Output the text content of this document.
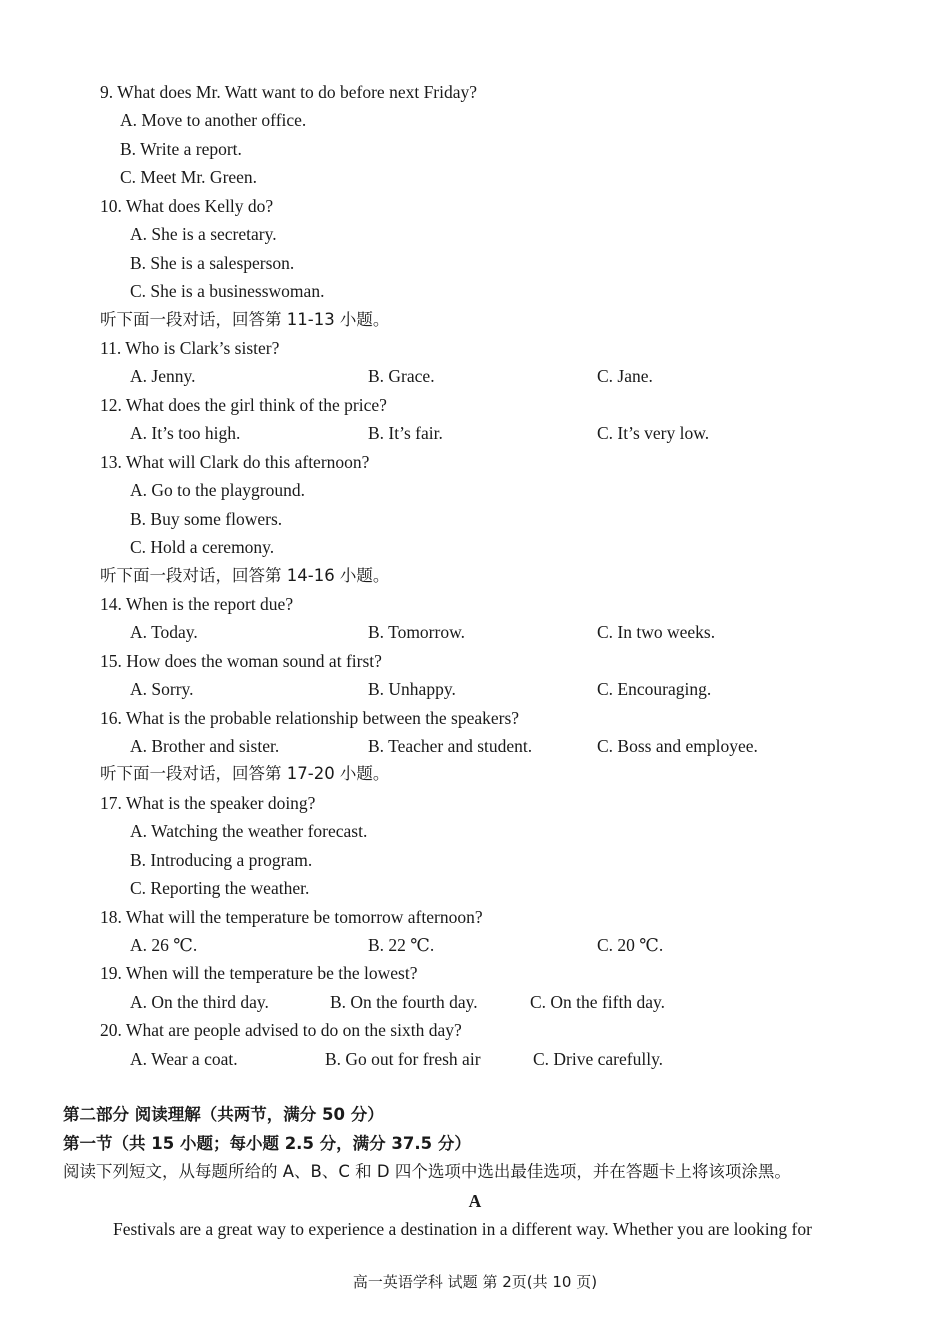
9. What does Mr. Watt want to do before next Friday?
A. Move to another office.
B. Write a report.
C. Meet Mr. Green.
10. What does Kelly do?
A. She is a secretary.
B. She is a salesperson.
C. She is a businesswoman.
听下面一段对话，回答第 11-13 小题。
11. Who is Clark’s sister?
A. Jenny.	B. Grace.	C. Jane.
12. What does the girl think of the price?
A. It’s too high.	B. It’s fair.	C. It’s very low.
13. What will Clark do this afternoon?
A. Go to the playground.
B. Buy some flowers.
C. Hold a ceremony.
听下面一段对话，回答第 14-16 小题。
14. When is the report due?
A. Today.	B. Tomorrow.	C. In two weeks.
15. How does the woman sound at first?
A. Sorry.	B. Unhappy.	C. Encouraging.
16. What is the probable relationship between the speakers?
A. Brother and sister.	B. Teacher and student.	C. Boss and employee.
听下面一段对话，回答第 17-20 小题。
17. What is the speaker doing?
A. Watching the weather forecast.
B. Introducing a program.
C. Reporting the weather.
18. What will the temperature be tomorrow afternoon?
A. 26 ℃.	B. 22 ℃.	C. 20 ℃.
19. When will the temperature be the lowest?
A. On the third day.	B. On the fourth day.	C. On the fifth day.
20. What are people advised to do on the sixth day?
A. Wear a coat.	B. Go out for fresh air	C. Drive carefully.
第二部分 阅读理解（共两节，满分 50 分）
第一节（共 15 小题；每小题 2.5 分，满分 37.5 分）
阅读下列短文，从每题所给的 A、B、C 和 D 四个选项中选出最佳选项，并在答题卡上将该项涂黑。
A
Festivals are a great way to experience a destination in a different way. Whether you are looking for
高一英语学科 试题 第 2页(共 10 页)
